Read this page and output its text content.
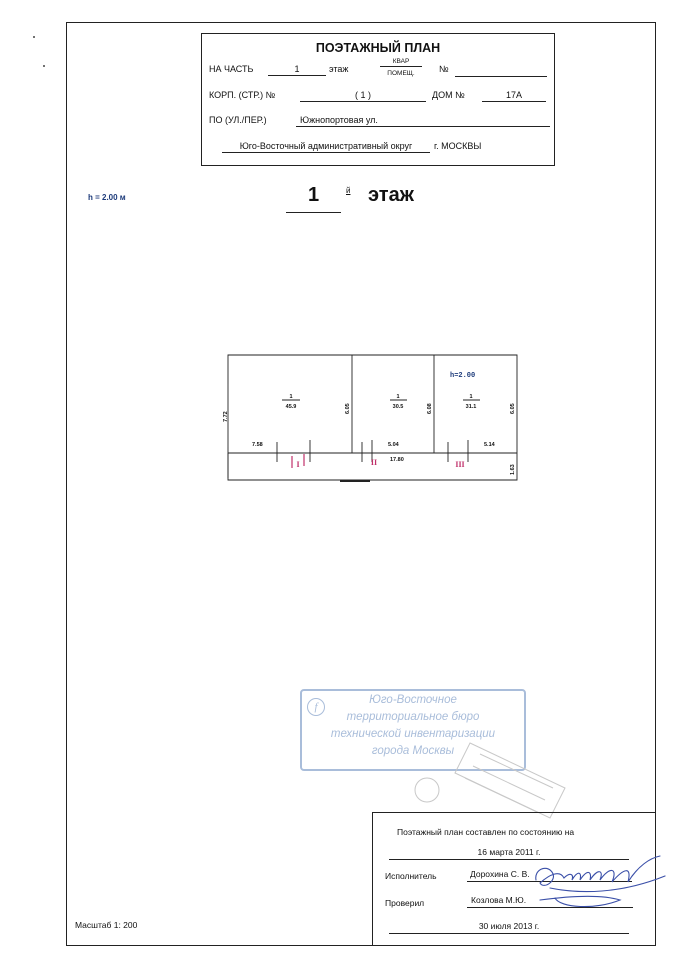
ПОЭТАЖНЫЙ ПЛАН
НА ЧАСТЬ	1	этаж
КВАР
ПОМЕЩ.	№
КОРП. (СТР.) №	( 1 )	ДОМ №	17А
ПО (УЛ./ПЕР.)	Южнопортовая ул.
Юго-Восточный административный округ	г. МОСКВЫ
h = 2.00 м	1	й этаж
1
45.9
1
30.5
1
31.1
7.58	5.04	5.14
17.80
7.72
6.05	6.08	6.05
1.63
h=2.00
I	II	III
f
Юго-Восточное
территориальное бюро
технической инвентаризации
города Москвы
Поэтажный план составлен по состоянию на
16 марта 2011 г.
Исполнитель	Дорохина С. В.
Проверил	Козлова М.Ю.
30 июля 2013 г.
Масштаб 1: 200
